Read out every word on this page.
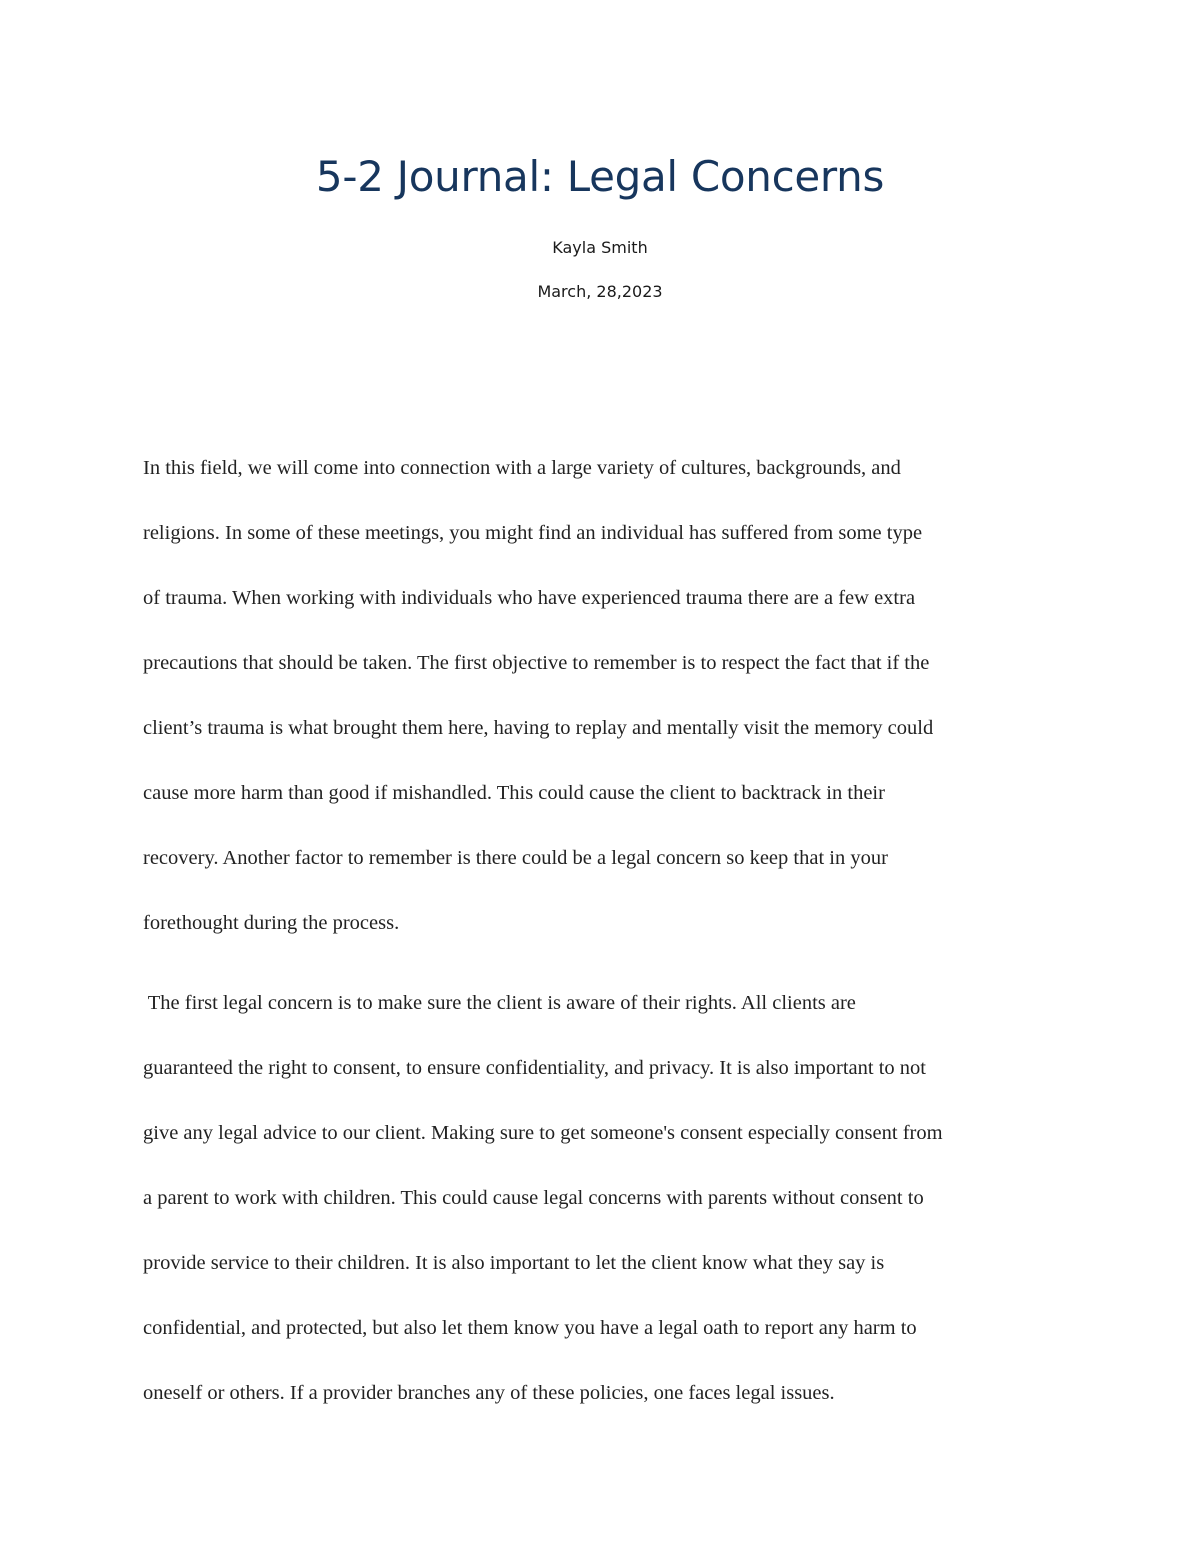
5-2 Journal: Legal Concerns

Kayla Smith

March, 28,2023

In this field, we will come into connection with a large variety of cultures, backgrounds, and
religions. In some of these meetings, you might find an individual has suffered from some type
of trauma. When working with individuals who have experienced trauma there are a few extra
precautions that should be taken. The first objective to remember is to respect the fact that if the
client’s trauma is what brought them here, having to replay and mentally visit the memory could
cause more harm than good if mishandled. This could cause the client to backtrack in their
recovery. Another factor to remember is there could be a legal concern so keep that in your
forethought during the process.

The first legal concern is to make sure the client is aware of their rights. All clients are
guaranteed the right to consent, to ensure confidentiality, and privacy. It is also important to not
give any legal advice to our client. Making sure to get someone's consent especially consent from
a parent to work with children. This could cause legal concerns with parents without consent to
provide service to their children. It is also important to let the client know what they say is
confidential, and protected, but also let them know you have a legal oath to report any harm to
oneself or others. If a provider branches any of these policies, one faces legal issues.
